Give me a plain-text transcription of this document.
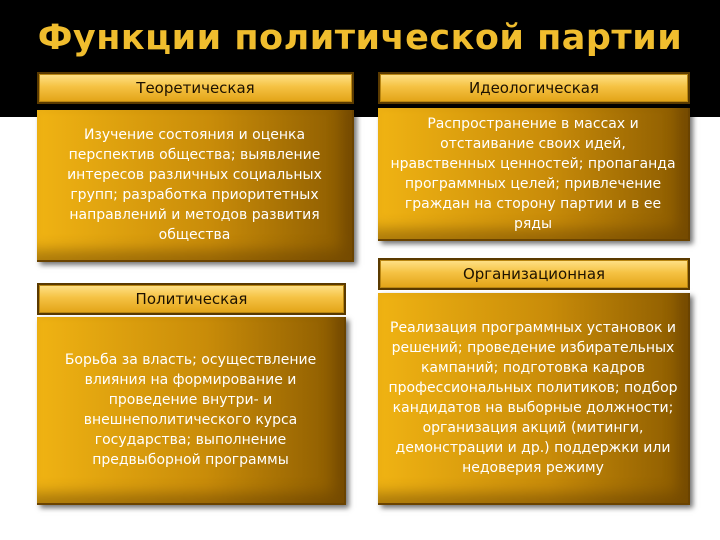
Функции политической партии
Теоретическая
Изучение состояния и оценка перспектив общества; выявление интересов различных социальных групп; разработка приоритетных направлений и методов развития общества
Идеологическая
Распространение в массах и отстаивание своих идей, нравственных ценностей; пропаганда программных целей; привлечение граждан на сторону партии и в ее ряды
Политическая
Борьба за власть; осуществление влияния на формирование и проведение внутри- и внешнеполитического курса государства; выполнение предвыборной программы
Организационная
Реализация программных установок и решений; проведение избирательных кампаний; подготовка кадров профессиональных политиков; подбор кандидатов на выборные должности; организация акций (митинги, демонстрации и др.) поддержки или недоверия режиму
